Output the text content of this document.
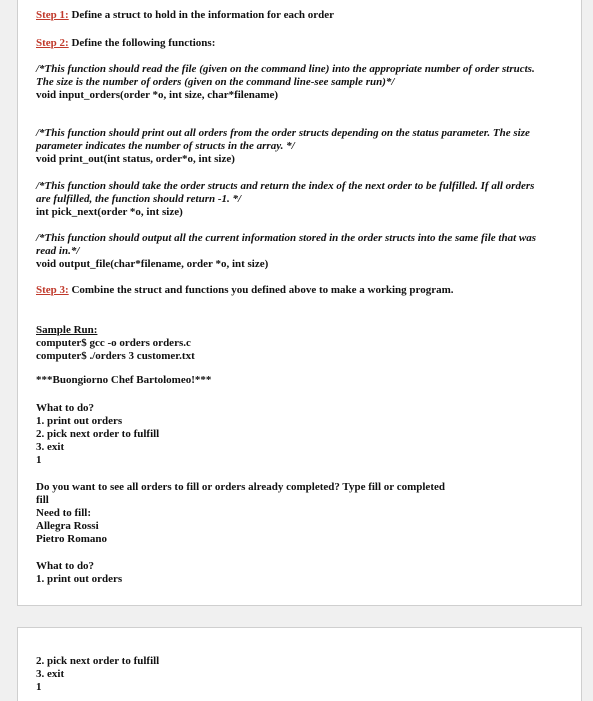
Step 1: Define a struct to hold in the information for each order
Step 2: Define the following functions:
/*This function should read the file (given on the command line) into the appropriate number of order structs.
The size is the number of orders (given on the command line-see sample run)*/
void input_orders(order *o, int size, char*filename)
/*This function should print out all orders from the order structs depending on the status parameter. The size
parameter indicates the number of structs in the array. */
void print_out(int status, order*o, int size)
/*This function should take the order structs and return the index of the next order to be fulfilled. If all orders
are fulfilled, the function should return -1. */
int pick_next(order *o, int size)
/*This function should output all the current information stored in the order structs into the same file that was
read in.*/
void output_file(char*filename, order *o, int size)
Step 3: Combine the struct and functions you defined above to make a working program.
Sample Run:
computer$ gcc -o orders orders.c
computer$ ./orders 3 customer.txt
***Buongiorno Chef Bartolomeo!***
What to do?
1. print out orders
2. pick next order to fulfill
3. exit
1
Do you want to see all orders to fill or orders already completed? Type fill or completed
fill
Need to fill:
Allegra Rossi
Pietro Romano
What to do?
1. print out orders
2. pick next order to fulfill
3. exit
1
